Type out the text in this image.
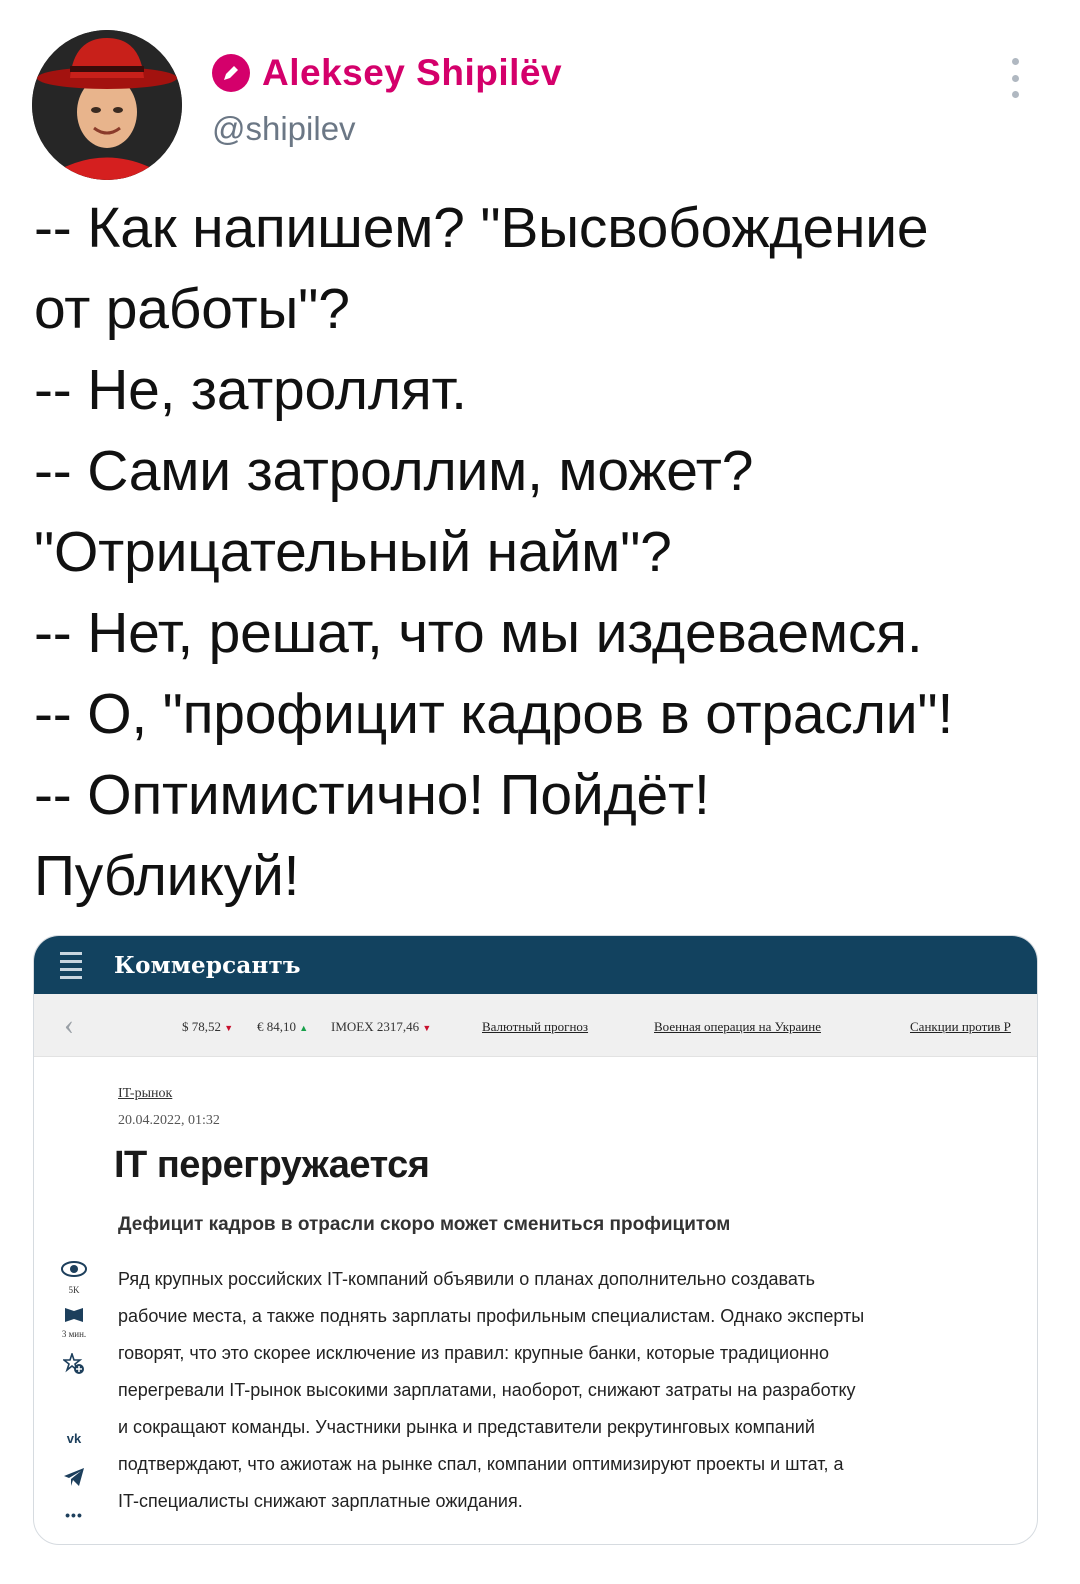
Aleksey Shipilëv
@shipilev
-- Как напишем? "Высвобождение
от работы"?
-- Не, затроллят.
-- Сами затроллим, может?
"Отрицательный найм"?
-- Нет, решат, что мы издеваемся.
-- О, "профицит кадров в отрасли"!
-- Оптимистично! Пойдёт!
Публикуй!
Коммерсантъ
‹	$ 78,52 ▼ € 84,10 ▲ IMOEX 2317,46 ▼	Валютный прогноз	Военная операция на Украине	Санкции против Р
IT-рынок
20.04.2022, 01:32
IT перегружается
Дефицит кадров в отрасли скоро может смениться профицитом
5K
3 мин.
vk
•••
Ряд крупных российских IT-компаний объявили о планах дополнительно создавать
рабочие места, а также поднять зарплаты профильным специалистам. Однако эксперты
говорят, что это скорее исключение из правил: крупные банки, которые традиционно
перегревали IT-рынок высокими зарплатами, наоборот, снижают затраты на разработку
и сокращают команды. Участники рынка и представители рекрутинговых компаний
подтверждают, что ажиотаж на рынке спал, компании оптимизируют проекты и штат, а
IT-специалисты снижают зарплатные ожидания.
